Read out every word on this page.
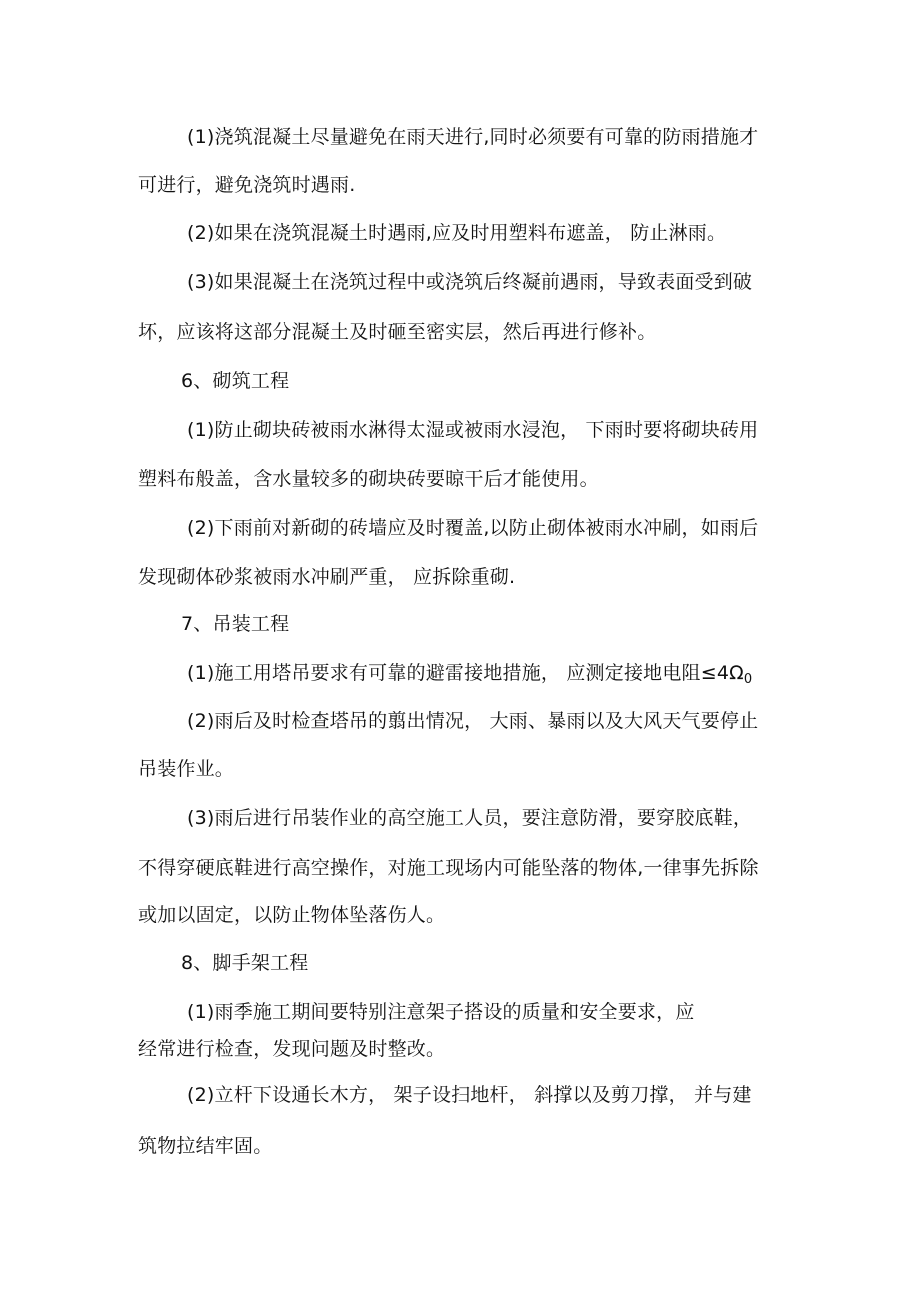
(1)浇筑混凝土尽量避免在雨天进行,同时必须要有可靠的防雨措施才
可进行，避免浇筑时遇雨.
(2)如果在浇筑混凝土时遇雨,应及时用塑料布遮盖， 防止淋雨。
(3)如果混凝土在浇筑过程中或浇筑后终凝前遇雨，导致表面受到破
坏，应该将这部分混凝土及时砸至密实层，然后再进行修补。
6、砌筑工程
(1)防止砌块砖被雨水淋得太湿或被雨水浸泡， 下雨时要将砌块砖用
塑料布般盖，含水量较多的砌块砖要晾干后才能使用。
(2)下雨前对新砌的砖墙应及时覆盖,以防止砌体被雨水冲刷，如雨后
发现砌体砂浆被雨水冲刷严重， 应拆除重砌.
7、吊装工程
(1)施工用塔吊要求有可靠的避雷接地措施， 应测定接地电阻$\le 4\Omega_0$
(2)雨后及时检查塔吊的翦出情况， 大雨、暴雨以及大风天气要停止
吊装作业。
(3)雨后进行吊装作业的高空施工人员，要注意防滑，要穿胶底鞋，
不得穿硬底鞋进行高空操作，对施工现场内可能坠落的物体,一律事先拆除
或加以固定，以防止物体坠落伤人。
8、脚手架工程
(1)雨季施工期间要特别注意架子搭设的质量和安全要求，应
经常进行检查，发现问题及时整改。
(2)立杆下设通长木方， 架子设扫地杆， 斜撑以及剪刀撑， 并与建
筑物拉结牢固。
